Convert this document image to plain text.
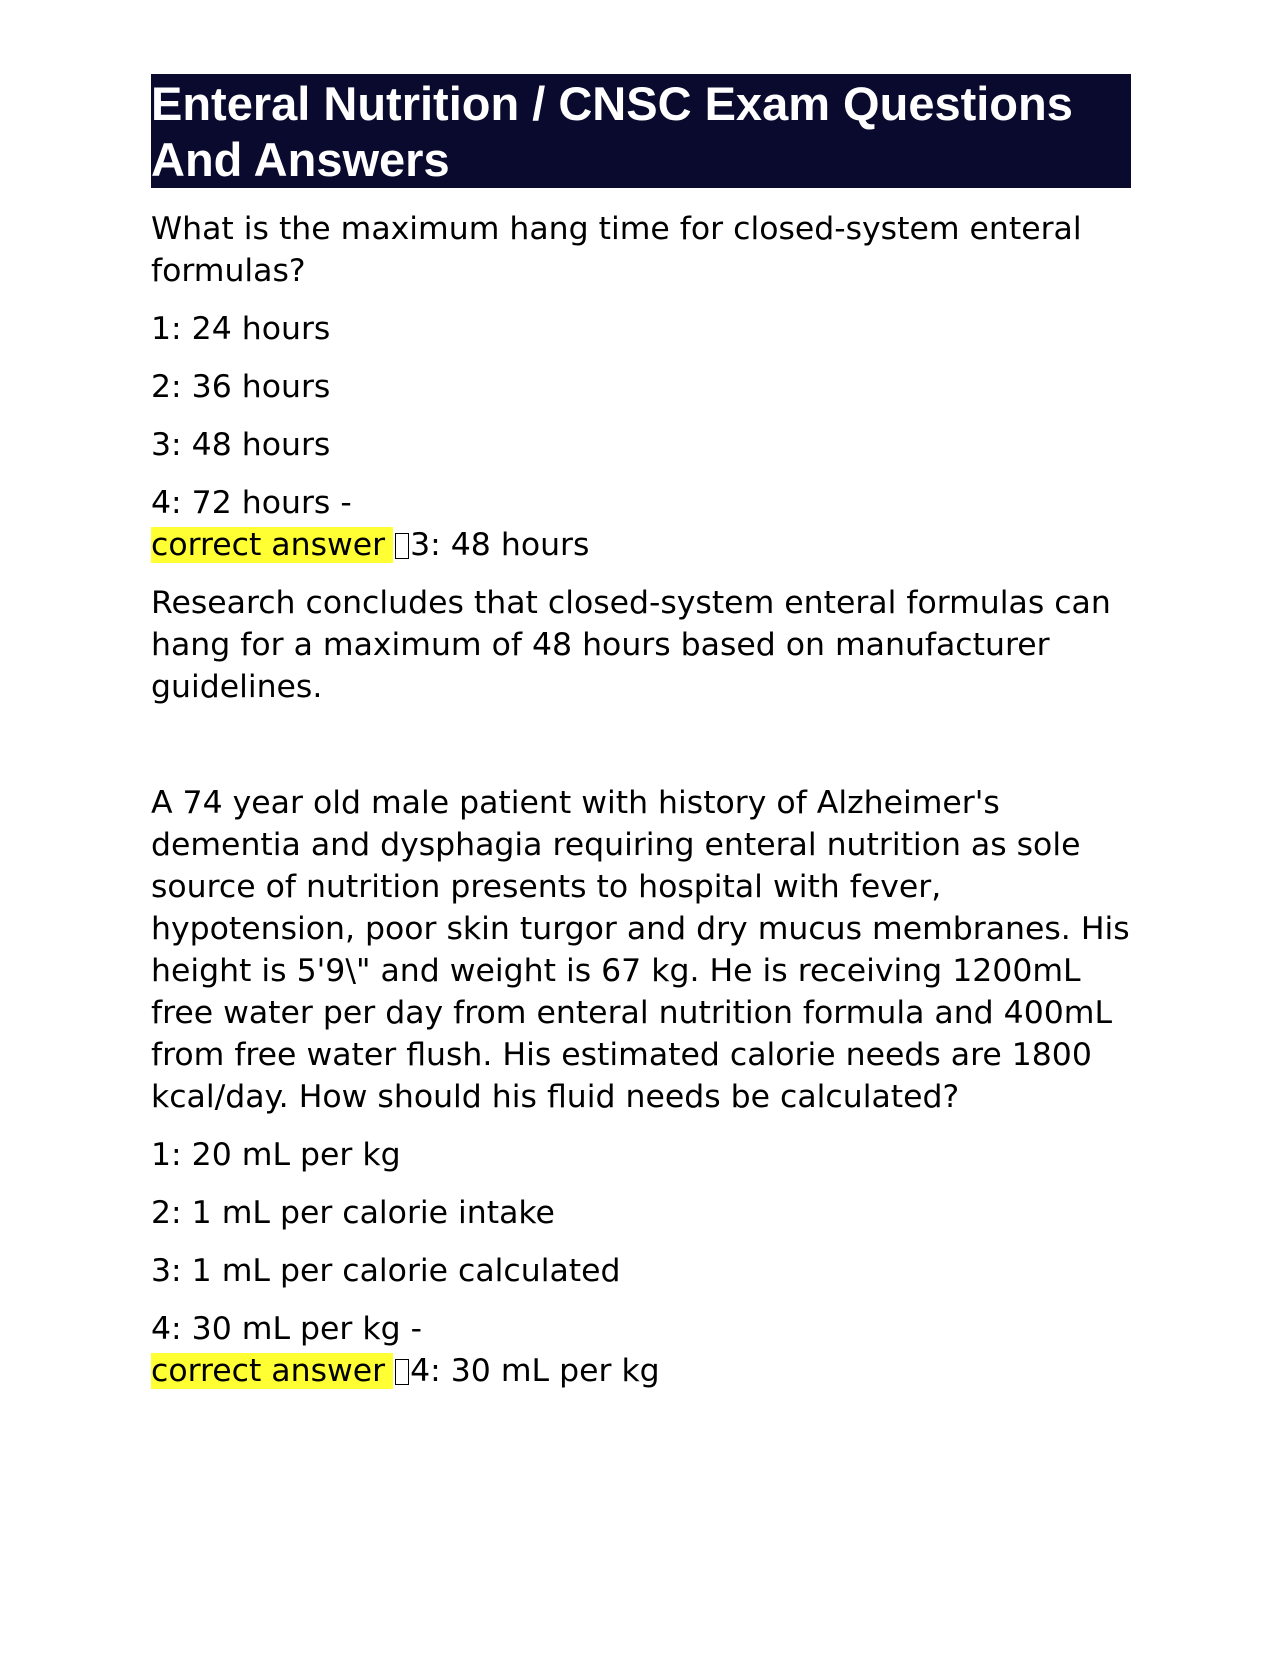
Enteral Nutrition / CNSC Exam Questions And Answers

What is the maximum hang time for closed-system enteral formulas?

1: 24 hours

2: 36 hours

3: 48 hours

4: 72 hours -

correct answer 3: 48 hours

Research concludes that closed-system enteral formulas can hang for a maximum of 48 hours based on manufacturer guidelines.

A 74 year old male patient with history of Alzheimer's dementia and dysphagia requiring enteral nutrition as sole source of nutrition presents to hospital with fever, hypotension, poor skin turgor and dry mucus membranes. His height is 5'9\" and weight is 67 kg. He is receiving 1200mL free water per day from enteral nutrition formula and 400mL from free water flush. His estimated calorie needs are 1800 kcal/day. How should his fluid needs be calculated?

1: 20 mL per kg

2: 1 mL per calorie intake

3: 1 mL per calorie calculated

4: 30 mL per kg -

correct answer 4: 30 mL per kg
